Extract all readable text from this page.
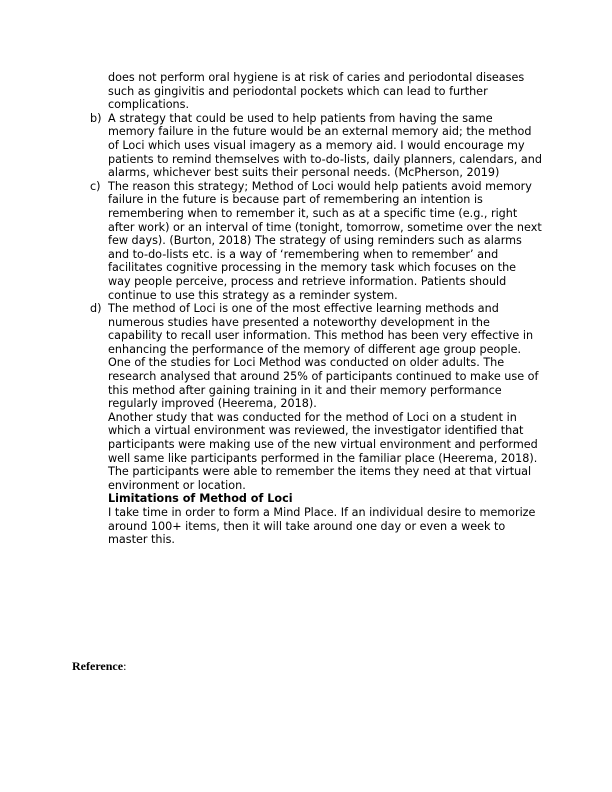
does not perform oral hygiene is at risk of caries and periodontal diseases such as gingivitis and periodontal pockets which can lead to further complications.

b) A strategy that could be used to help patients from having the same memory failure in the future would be an external memory aid; the method of Loci which uses visual imagery as a memory aid. I would encourage my patients to remind themselves with to-do-lists, daily planners, calendars, and alarms, whichever best suits their personal needs. (McPherson, 2019)

c) The reason this strategy; Method of Loci would help patients avoid memory failure in the future is because part of remembering an intention is remembering when to remember it, such as at a specific time (e.g., right after work) or an interval of time (tonight, tomorrow, sometime over the next few days). (Burton, 2018) The strategy of using reminders such as alarms and to-do-lists etc. is a way of ‘remembering when to remember’ and facilitates cognitive processing in the memory task which focuses on the way people perceive, process and retrieve information. Patients should continue to use this strategy as a reminder system.

d) The method of Loci is one of the most effective learning methods and numerous studies have presented a noteworthy development in the capability to recall user information. This method has been very effective in enhancing the performance of the memory of different age group people.

One of the studies for Loci Method was conducted on older adults. The research analysed that around 25% of participants continued to make use of this method after gaining training in it and their memory performance regularly improved (Heerema, 2018).

Another study that was conducted for the method of Loci on a student in which a virtual environment was reviewed, the investigator identified that participants were making use of the new virtual environment and performed well same like participants performed in the familiar place (Heerema, 2018). The participants were able to remember the items they need at that virtual environment or location.

Limitations of Method of Loci

I take time in order to form a Mind Place. If an individual desire to memorize around 100+ items, then it will take around one day or even a week to master this.

Reference:
